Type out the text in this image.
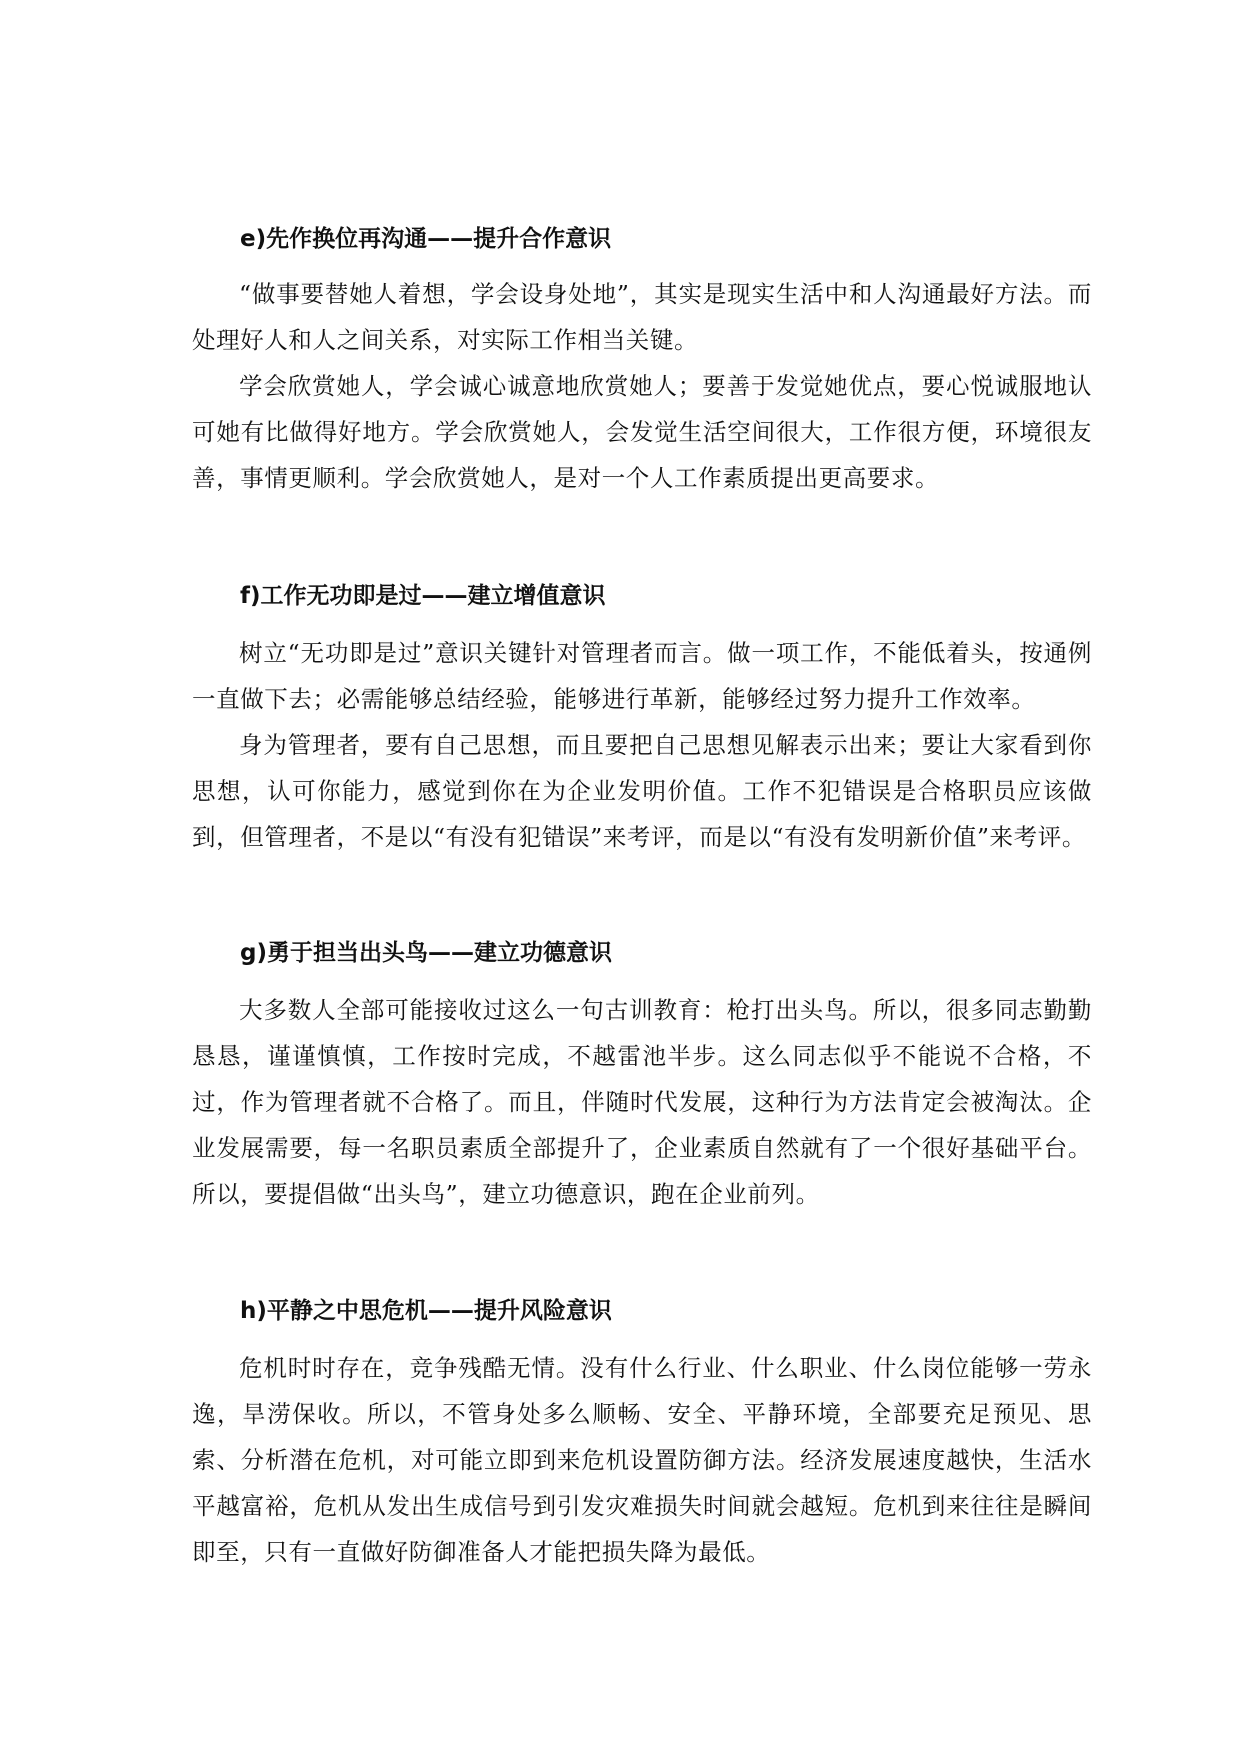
e)先作换位再沟通——提升合作意识

“做事要替她人着想，学会设身处地”，其实是现实生活中和人沟通最好方法。而处理好人和人之间关系，对实际工作相当关键。

学会欣赏她人，学会诚心诚意地欣赏她人；要善于发觉她优点，要心悦诚服地认可她有比做得好地方。学会欣赏她人，会发觉生活空间很大，工作很方便，环境很友善，事情更顺利。学会欣赏她人，是对一个人工作素质提出更高要求。

f)工作无功即是过——建立增值意识

树立“无功即是过”意识关键针对管理者而言。做一项工作，不能低着头，按通例一直做下去；必需能够总结经验，能够进行革新，能够经过努力提升工作效率。

身为管理者，要有自己思想，而且要把自己思想见解表示出来；要让大家看到你思想，认可你能力，感觉到你在为企业发明价值。工作不犯错误是合格职员应该做到，但管理者，不是以“有没有犯错误”来考评，而是以“有没有发明新价值”来考评。

g)勇于担当出头鸟——建立功德意识

大多数人全部可能接收过这么一句古训教育：枪打出头鸟。所以，很多同志勤勤恳恳，谨谨慎慎，工作按时完成，不越雷池半步。这么同志似乎不能说不合格，不过，作为管理者就不合格了。而且，伴随时代发展，这种行为方法肯定会被淘汰。企业发展需要，每一名职员素质全部提升了，企业素质自然就有了一个很好基础平台。所以，要提倡做“出头鸟”，建立功德意识，跑在企业前列。

h)平静之中思危机——提升风险意识

危机时时存在，竞争残酷无情。没有什么行业、什么职业、什么岗位能够一劳永逸，旱涝保收。所以，不管身处多么顺畅、安全、平静环境，全部要充足预见、思索、分析潜在危机，对可能立即到来危机设置防御方法。经济发展速度越快，生活水平越富裕，危机从发出生成信号到引发灾难损失时间就会越短。危机到来往往是瞬间即至，只有一直做好防御准备人才能把损失降为最低。
